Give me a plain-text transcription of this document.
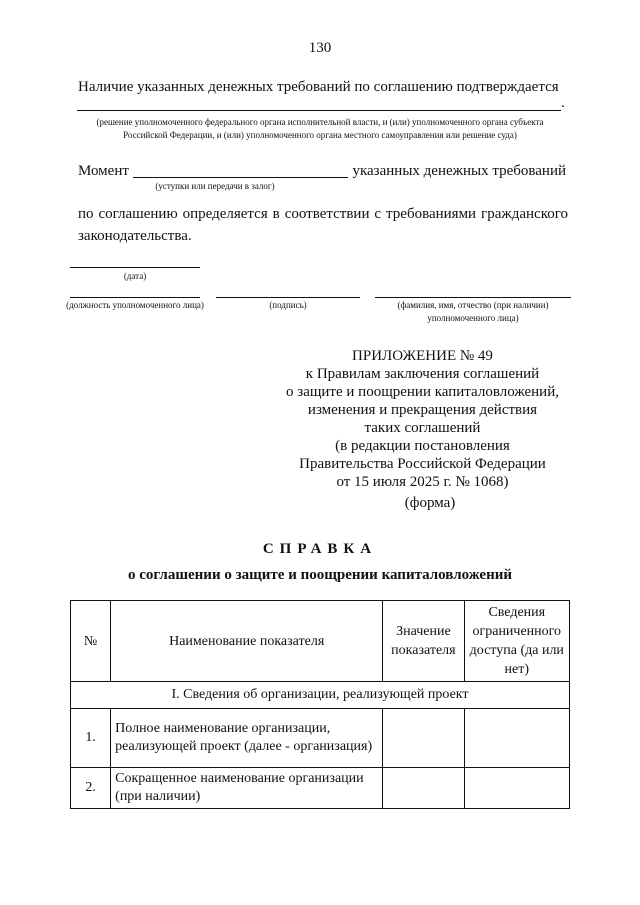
130
Наличие указанных денежных требований по соглашению подтверждается
.
(решение уполномоченного федерального органа исполнительной власти, и (или) уполномоченного органа субъекта Российской Федерации, и (или) уполномоченного органа местного самоуправления или решение суда)
Момент	указанных денежных требований
(уступки или передачи в залог)
по соглашению определяется в соответствии с требованиями гражданского законодательства.
(дата)
(должность уполномоченного лица)	(подпись)	(фамилия, имя, отчество (при наличии) уполномоченного лица)
ПРИЛОЖЕНИЕ № 49
к Правилам заключения соглашений
о защите и поощрении капиталовложений,
изменения и прекращения действия
таких соглашений
(в редакции постановления
Правительства Российской Федерации
от 15 июля 2025 г. № 1068)
(форма)
СПРАВКА
о соглашении о защите и поощрении капиталовложений
№	Наименование показателя	Значение показателя	Сведения ограниченного доступа (да или нет)
I. Сведения об организации, реализующей проект			
1.	Полное наименование организации, реализующей проект (далее - организация)		
2.	Сокращенное наименование организации (при наличии)		
